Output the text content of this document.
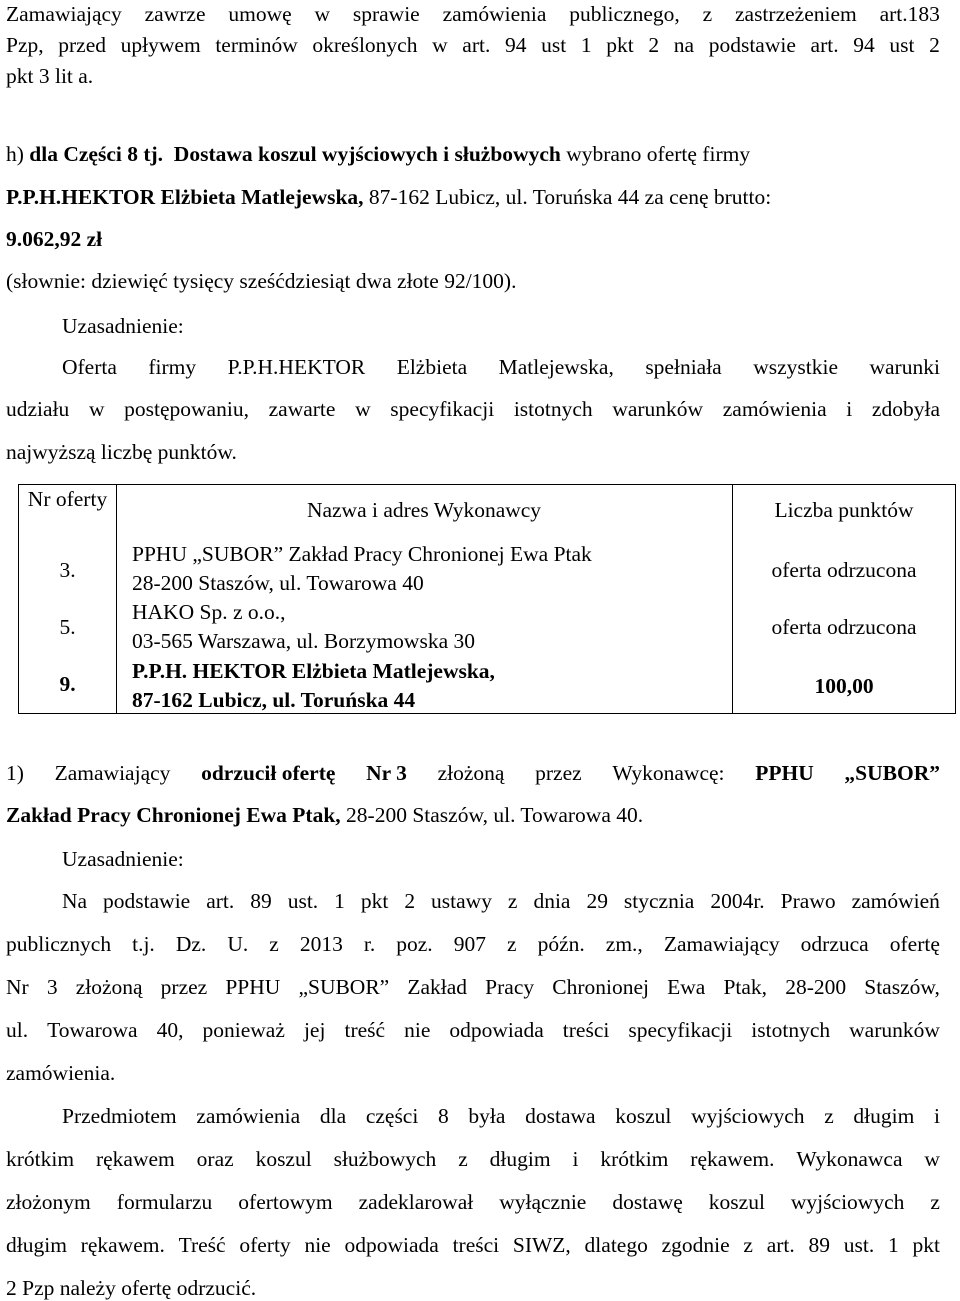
Zamawiający zawrze umowę w sprawie zamówienia publicznego, z zastrzeżeniem art.183
Pzp, przed upływem terminów określonych w art. 94 ust 1 pkt 2 na podstawie art. 94 ust 2
pkt 3 lit a.
h) dla Części 8 tj. Dostawa koszul wyjściowych i służbowych wybrano ofertę firmy
P.P.H.HEKTOR Elżbieta Matlejewska, 87-162 Lubicz, ul. Toruńska 44 za cenę brutto:
9.062,92 zł
(słownie: dziewięć tysięcy sześćdziesiąt dwa złote 92/100).
Uzasadnienie:
Oferta firmy P.P.H.HEKTOR Elżbieta Matlejewska, spełniała wszystkie warunki
udziału w postępowaniu, zawarte w specyfikacji istotnych warunków zamówienia i zdobyła
najwyższą liczbę punktów.
Nr oferty	Nazwa i adres Wykonawcy	Liczba punktów
3.
PPHU „SUBOR” Zakład Pracy Chronionej Ewa Ptak
28-200 Staszów, ul. Towarowa 40
oferta odrzucona
5.
HAKO Sp. z o.o.,
03-565 Warszawa, ul. Borzymowska 30
oferta odrzucona
9.
P.P.H. HEKTOR Elżbieta Matlejewska,
87-162 Lubicz, ul. Toruńska 44
100,00
1) Zamawiający odrzucił ofertę Nr 3 złożoną przez Wykonawcę: PPHU „SUBOR”
Zakład Pracy Chronionej Ewa Ptak, 28-200 Staszów, ul. Towarowa 40.
Uzasadnienie:
Na podstawie art. 89 ust. 1 pkt 2 ustawy z dnia 29 stycznia 2004r. Prawo zamówień
publicznych t.j. Dz. U. z 2013 r. poz. 907 z późn. zm., Zamawiający odrzuca ofertę
Nr 3 złożoną przez PPHU „SUBOR” Zakład Pracy Chronionej Ewa Ptak, 28-200 Staszów,
ul. Towarowa 40, ponieważ jej treść nie odpowiada treści specyfikacji istotnych warunków
zamówienia.
Przedmiotem zamówienia dla części 8 była dostawa koszul wyjściowych z długim i
krótkim rękawem oraz koszul służbowych z długim i krótkim rękawem. Wykonawca w
złożonym formularzu ofertowym zadeklarował wyłącznie dostawę koszul wyjściowych z
długim rękawem. Treść oferty nie odpowiada treści SIWZ, dlatego zgodnie z art. 89 ust. 1 pkt
2 Pzp należy ofertę odrzucić.
